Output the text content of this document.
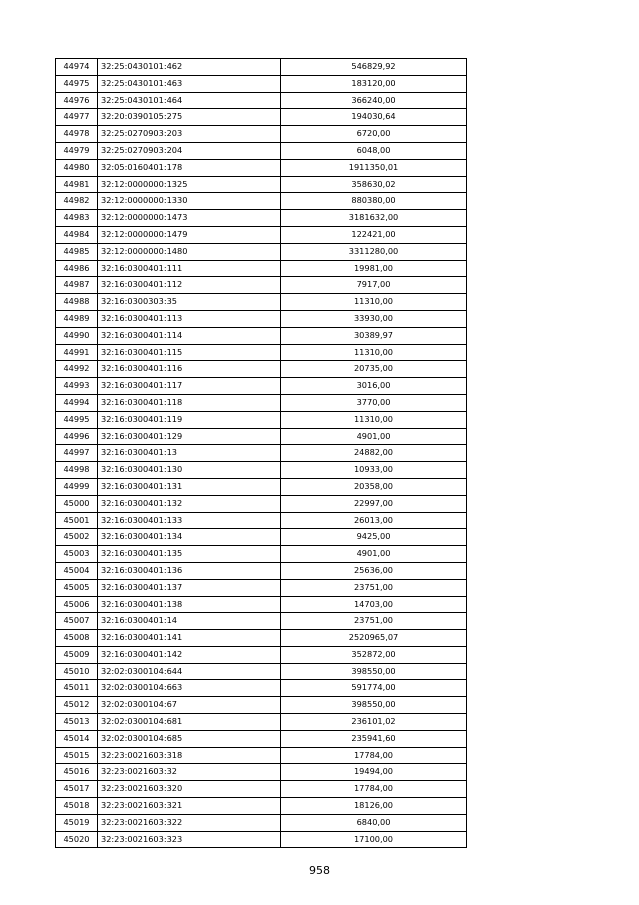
44974	32:25:0430101:462	546829,92
44975	32:25:0430101:463	183120,00
44976	32:25:0430101:464	366240,00
44977	32:20:0390105:275	194030,64
44978	32:25:0270903:203	6720,00
44979	32:25:0270903:204	6048,00
44980	32:05:0160401:178	1911350,01
44981	32:12:0000000:1325	358630,02
44982	32:12:0000000:1330	880380,00
44983	32:12:0000000:1473	3181632,00
44984	32:12:0000000:1479	122421,00
44985	32:12:0000000:1480	3311280,00
44986	32:16:0300401:111	19981,00
44987	32:16:0300401:112	7917,00
44988	32:16:0300303:35	11310,00
44989	32:16:0300401:113	33930,00
44990	32:16:0300401:114	30389,97
44991	32:16:0300401:115	11310,00
44992	32:16:0300401:116	20735,00
44993	32:16:0300401:117	3016,00
44994	32:16:0300401:118	3770,00
44995	32:16:0300401:119	11310,00
44996	32:16:0300401:129	4901,00
44997	32:16:0300401:13	24882,00
44998	32:16:0300401:130	10933,00
44999	32:16:0300401:131	20358,00
45000	32:16:0300401:132	22997,00
45001	32:16:0300401:133	26013,00
45002	32:16:0300401:134	9425,00
45003	32:16:0300401:135	4901,00
45004	32:16:0300401:136	25636,00
45005	32:16:0300401:137	23751,00
45006	32:16:0300401:138	14703,00
45007	32:16:0300401:14	23751,00
45008	32:16:0300401:141	2520965,07
45009	32:16:0300401:142	352872,00
45010	32:02:0300104:644	398550,00
45011	32:02:0300104:663	591774,00
45012	32:02:0300104:67	398550,00
45013	32:02:0300104:681	236101,02
45014	32:02:0300104:685	235941,60
45015	32:23:0021603:318	17784,00
45016	32:23:0021603:32	19494,00
45017	32:23:0021603:320	17784,00
45018	32:23:0021603:321	18126,00
45019	32:23:0021603:322	6840,00
45020	32:23:0021603:323	17100,00
958
